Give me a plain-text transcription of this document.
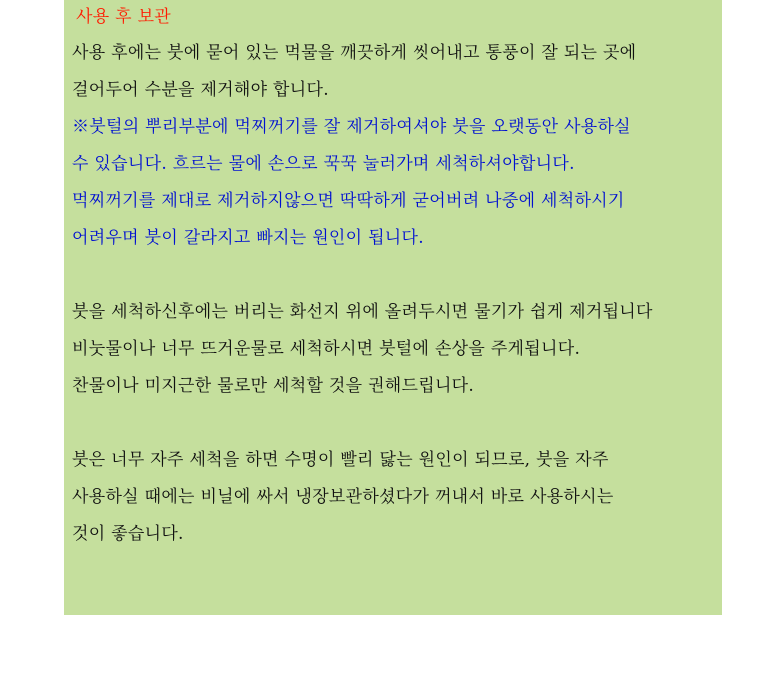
사용 후 보관
사용 후에는 붓에 묻어 있는 먹물을 깨끗하게 씻어내고 통풍이 잘 되는 곳에
걸어두어 수분을 제거해야 합니다.
※붓털의 뿌리부분에 먹찌꺼기를 잘 제거하여셔야 붓을 오랫동안 사용하실
수 있습니다. 흐르는 물에 손으로 꾹꾹 눌러가며 세척하셔야합니다.
먹찌꺼기를 제대로 제거하지않으면 딱딱하게 굳어버려 나중에 세척하시기
어려우며 붓이 갈라지고 빠지는 원인이 됩니다.
붓을 세척하신후에는 버리는 화선지 위에 올려두시면 물기가 쉽게 제거됩니다
비눗물이나 너무 뜨거운물로 세척하시면 붓털에 손상을 주게됩니다.
찬물이나 미지근한 물로만 세척할 것을 권해드립니다.
붓은 너무 자주 세척을 하면 수명이 빨리 닳는 원인이 되므로, 붓을 자주
사용하실 때에는 비닐에 싸서 냉장보관하셨다가 꺼내서 바로 사용하시는
것이 좋습니다.
